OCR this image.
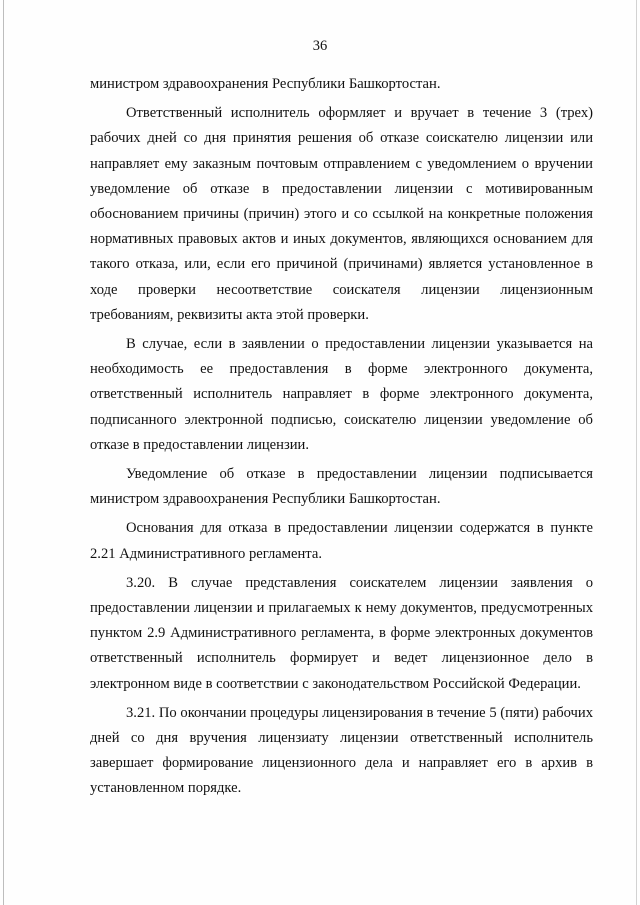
36

министром здравоохранения Республики Башкортостан.

Ответственный исполнитель оформляет и вручает в течение 3 (трех) рабочих дней со дня принятия решения об отказе соискателю лицензии или направляет ему заказным почтовым отправлением с уведомлением о вручении уведомление об отказе в предоставлении лицензии с мотивированным обоснованием причины (причин) этого и со ссылкой на конкретные положения нормативных правовых актов и иных документов, являющихся основанием для такого отказа, или, если его причиной (причинами) является установленное в ходе проверки несоответствие соискателя лицензии лицензионным требованиям, реквизиты акта этой проверки.

В случае, если в заявлении о предоставлении лицензии указывается на необходимость ее предоставления в форме электронного документа, ответственный исполнитель направляет в форме электронного документа, подписанного электронной подписью, соискателю лицензии уведомление об отказе в предоставлении лицензии.

Уведомление об отказе в предоставлении лицензии подписывается министром здравоохранения Республики Башкортостан.

Основания для отказа в предоставлении лицензии содержатся в пункте 2.21 Административного регламента.

3.20. В случае представления соискателем лицензии заявления о предоставлении лицензии и прилагаемых к нему документов, предусмотренных пунктом 2.9 Административного регламента, в форме электронных документов ответственный исполнитель формирует и ведет лицензионное дело в электронном виде в соответствии с законодательством Российской Федерации.

3.21. По окончании процедуры лицензирования в течение 5 (пяти) рабочих дней со дня вручения лицензиату лицензии ответственный исполнитель завершает формирование лицензионного дела и направляет его в архив в установленном порядке.
